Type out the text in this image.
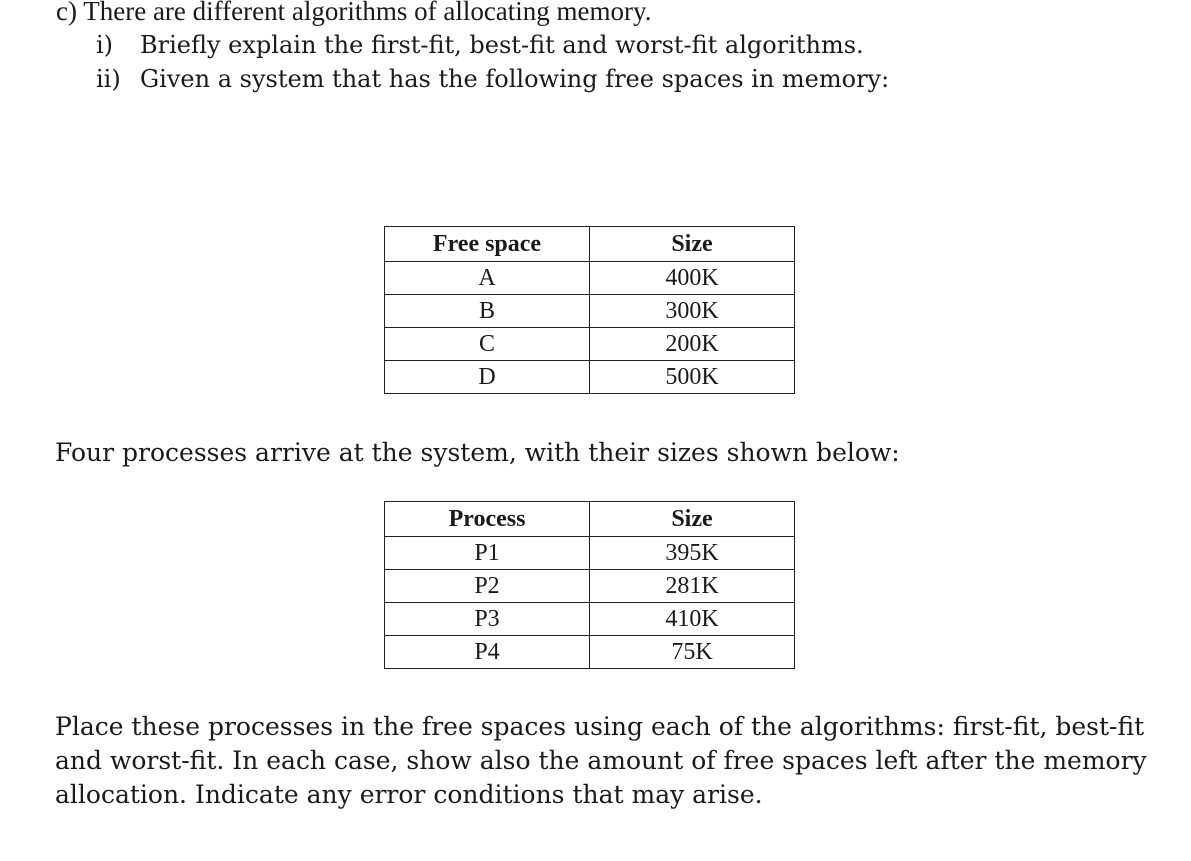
c) There are different algorithms of allocating memory.
i) Briefly explain the first-fit, best-fit and worst-fit algorithms.
ii) Given a system that has the following free spaces in memory:
Free space	Size
A	400K
B	300K
C	200K
D	500K
Four processes arrive at the system, with their sizes shown below:
Process	Size
P1	395K
P2	281K
P3	410K
P4	75K
Place these processes in the free spaces using each of the algorithms: first-fit, best-fit
and worst-fit. In each case, show also the amount of free spaces left after the memory
allocation. Indicate any error conditions that may arise.
